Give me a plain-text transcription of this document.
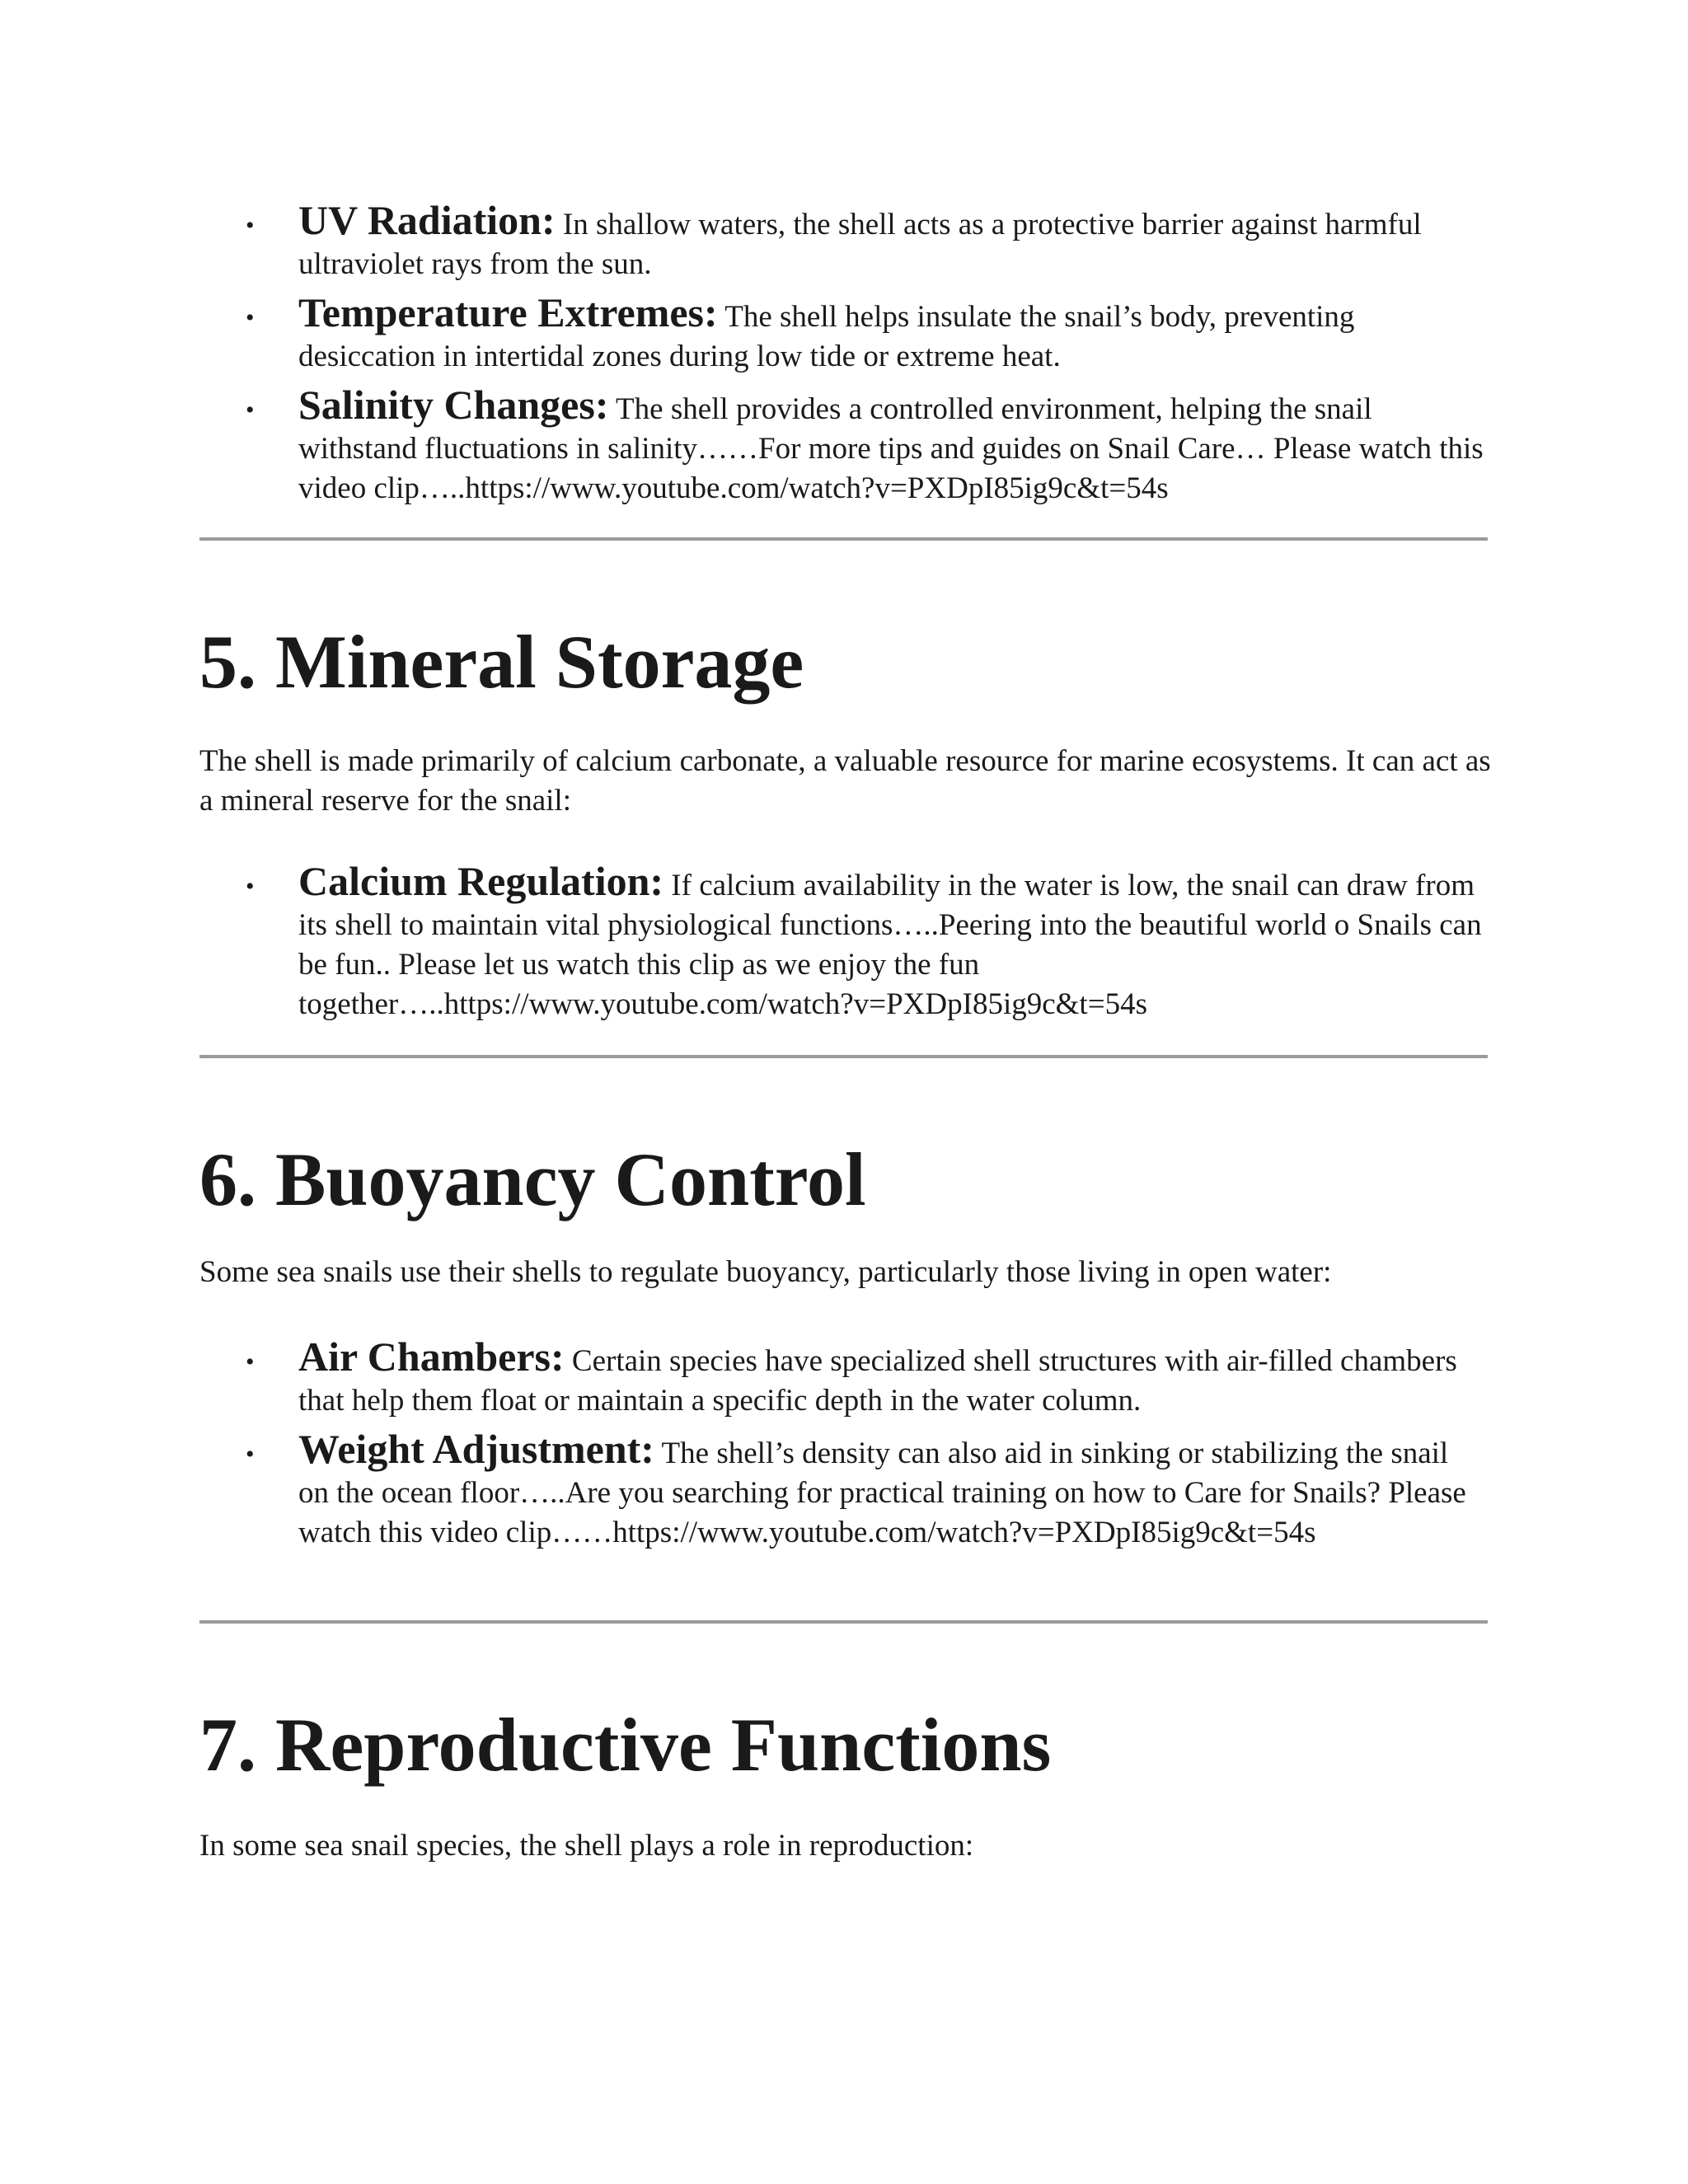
• UV Radiation: In shallow waters, the shell acts as a protective barrier against harmful ultraviolet rays from the sun.
• Temperature Extremes: The shell helps insulate the snail’s body, preventing desiccation in intertidal zones during low tide or extreme heat.
• Salinity Changes: The shell provides a controlled environment, helping the snail withstand fluctuations in salinity……For more tips and guides on Snail Care… Please watch this video clip…..https://www.youtube.com/watch?v=PXDpI85ig9c&t=54s
5. Mineral Storage

The shell is made primarily of calcium carbonate, a valuable resource for marine ecosystems. It can act as a mineral reserve for the snail:

• Calcium Regulation: If calcium availability in the water is low, the snail can draw from its shell to maintain vital physiological functions…..Peering into the beautiful world o Snails can be fun.. Please let us watch this clip as we enjoy the fun together…..https://www.youtube.com/watch?v=PXDpI85ig9c&t=54s
6. Buoyancy Control

Some sea snails use their shells to regulate buoyancy, particularly those living in open water:

• Air Chambers: Certain species have specialized shell structures with air-filled chambers that help them float or maintain a specific depth in the water column.
• Weight Adjustment: The shell’s density can also aid in sinking or stabilizing the snail on the ocean floor…..Are you searching for practical training on how to Care for Snails? Please watch this video clip……https://www.youtube.com/watch?v=PXDpI85ig9c&t=54s
7. Reproductive Functions

In some sea snail species, the shell plays a role in reproduction:
